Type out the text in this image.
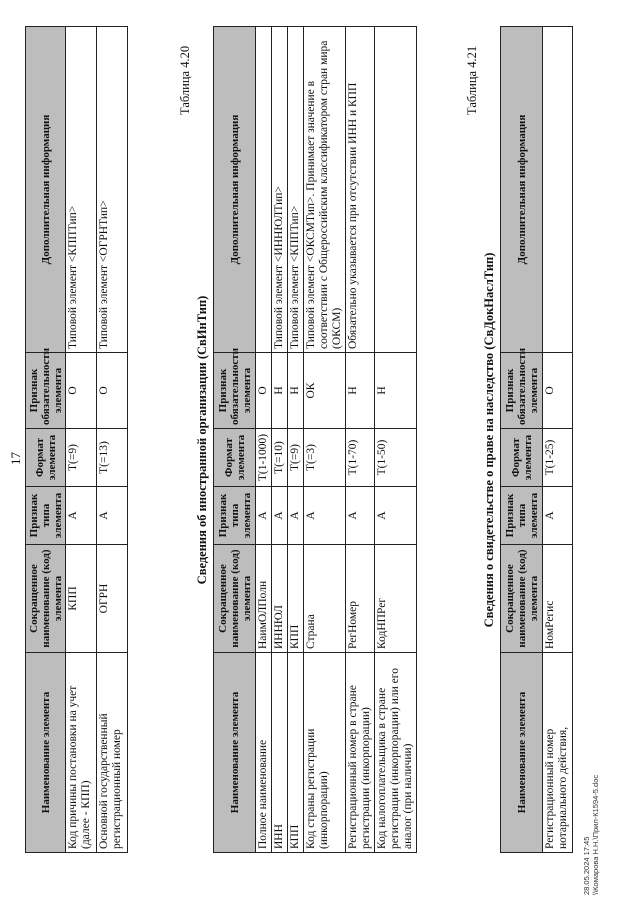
17
Наименование элемента	Сокращенное наименование (код) элемента	Признак типа элемента	Формат элемента	Признак обязательности элемента	Дополнительная информация
Код причины постановки на учет (далее - КПП)	КПП	А	T(=9)	О	Типовой элемент <КППТип>
Основной государственный регистрационный номер	ОГРН	А	T(=13)	О	Типовой элемент <ОГРНТип>
Таблица 4.20
Сведения об иностранной организации (СвИнТип)
Наименование элемента	Сокращенное наименование (код) элемента	Признак типа элемента	Формат элемента	Признак обязательности элемента	Дополнительная информация
Полное наименование	НаимОЛПолн	А	T(1-1000)	О	
ИНН	ИННЮЛ	А	T(=10)	Н	Типовой элемент <ИННЮЛТип>
КПП	КПП	А	T(=9)	Н	Типовой элемент <КППТип>
Код страны регистрации (инкорпорации)	Страна	А	T(=3)	ОК	Типовой элемент <ОКСМТип>. Принимает значение в соответствии с Общероссийским классификатором стран мира (ОКСМ)
Регистрационный номер в стране регистрации (инкорпорации)	РегНомер	А	T(1-70)	Н	Обязательно указывается при отсутствии ИНН и КПП
Код налогоплательщика в стране регистрации (инкорпорации) или его аналог (при наличии)	КодНПРег	А	T(1-50)	Н	
Таблица 4.21
Сведения о свидетельстве о праве на наследство (СвДокНаслТип)
Наименование элемента	Сокращенное наименование (код) элемента	Признак типа элемента	Формат элемента	Признак обязательности элемента	Дополнительная информация
Регистрационный номер нотариального действия,	НомРегис	А	T(1-25)	О	
28.05.2024 17:45 \\Комарова Н.Н.\Прил-К1594-5.doc
